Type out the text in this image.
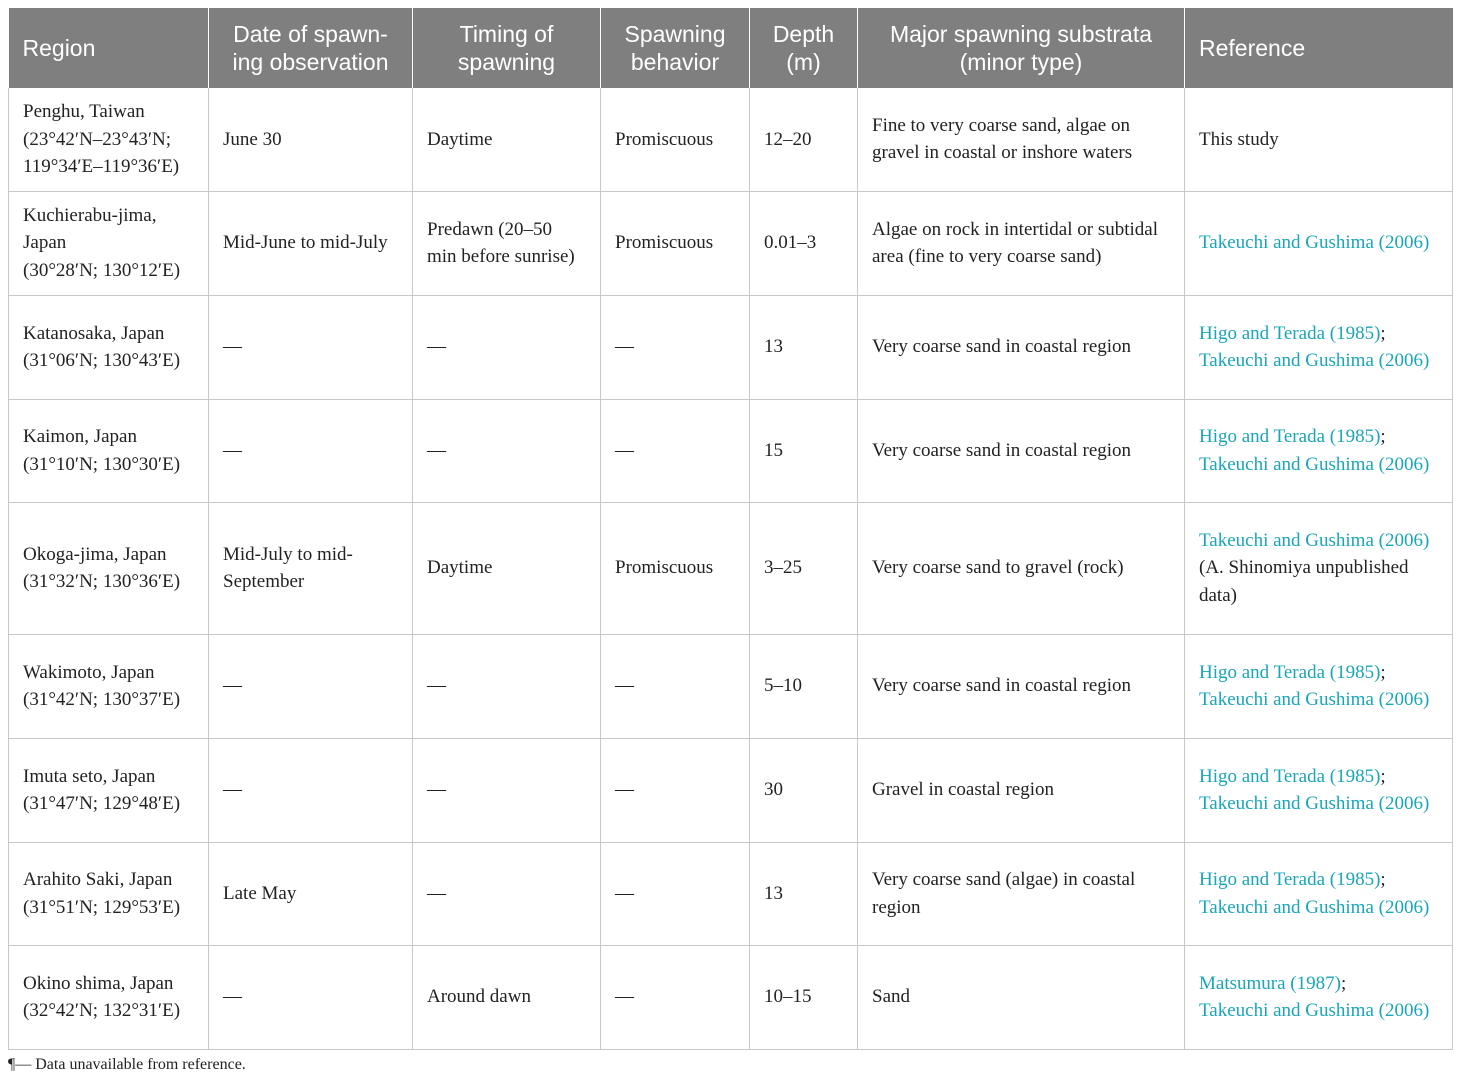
Region	Date of spawn-ing observation	Timing of spawning	Spawning behavior	Depth (m)	Major spawning substrata (minor type)	Reference

Penghu, Taiwan
(23°42′N–23°43′N;
119°34′E–119°36′E)	June 30	Daytime	Promiscuous	12–20	Fine to very coarse sand, algae on gravel in coastal or inshore waters	This study

Kuchierabu-jima,
Japan
(30°28′N; 130°12′E)	Mid-June to mid-July	Predawn (20–50 min before sunrise)	Promiscuous	0.01–3	Algae on rock in intertidal or subtidal area (fine to very coarse sand)	Takeuchi and Gushima (2006)

Katanosaka, Japan
(31°06′N; 130°43′E)	—	—	—	13	Very coarse sand in coastal region	Higo and Terada (1985);
Takeuchi and Gushima (2006)

Kaimon, Japan
(31°10′N; 130°30′E)	—	—	—	15	Very coarse sand in coastal region	Higo and Terada (1985);
Takeuchi and Gushima (2006)

Okoga-jima, Japan
(31°32′N; 130°36′E)	Mid-July to mid-September	Daytime	Promiscuous	3–25	Very coarse sand to gravel (rock)	Takeuchi and Gushima (2006)
(A. Shinomiya unpublished data)

Wakimoto, Japan
(31°42′N; 130°37′E)	—	—	—	5–10	Very coarse sand in coastal region	Higo and Terada (1985);
Takeuchi and Gushima (2006)

Imuta seto, Japan
(31°47′N; 129°48′E)	—	—	—	30	Gravel in coastal region	Higo and Terada (1985);
Takeuchi and Gushima (2006)

Arahito Saki, Japan
(31°51′N; 129°53′E)	Late May	—	—	13	Very coarse sand (algae) in coastal region	Higo and Terada (1985);
Takeuchi and Gushima (2006)

Okino shima, Japan
(32°42′N; 132°31′E)	—	Around dawn	—	10–15	Sand	Matsumura (1987);
Takeuchi and Gushima (2006)
¶— Data unavailable from reference.
